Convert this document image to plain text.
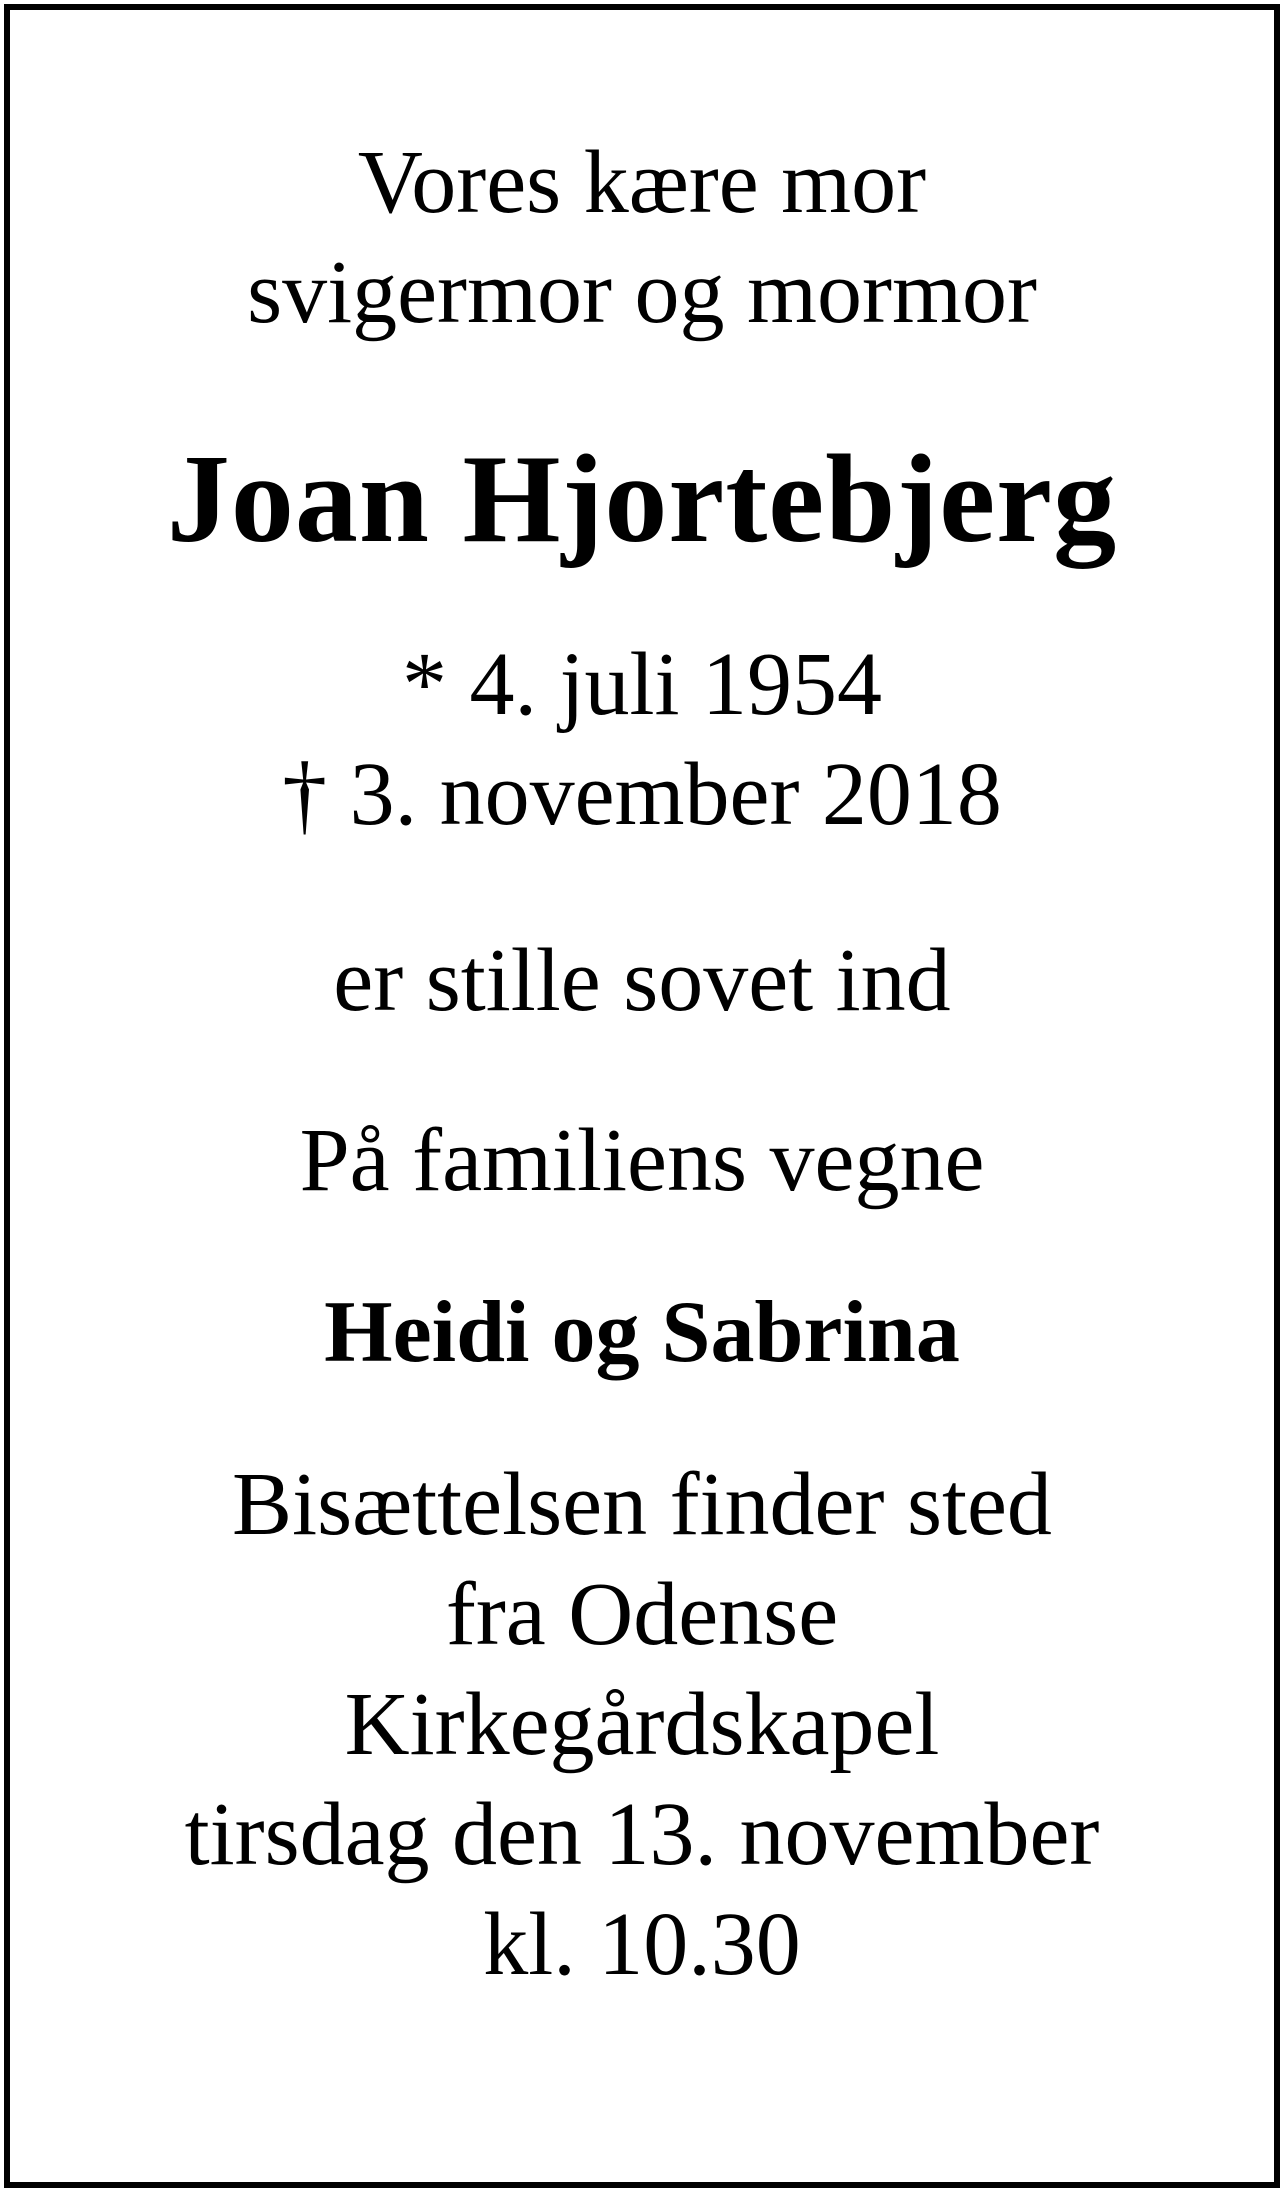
Vores kære mor
svigermor og mormor
Joan Hjortebjerg
* 4. juli 1954
† 3. november 2018
er stille sovet ind
På familiens vegne
Heidi og Sabrina
Bisættelsen finder sted
fra Odense
Kirkegårdskapel
tirsdag den 13. november
kl. 10.30
